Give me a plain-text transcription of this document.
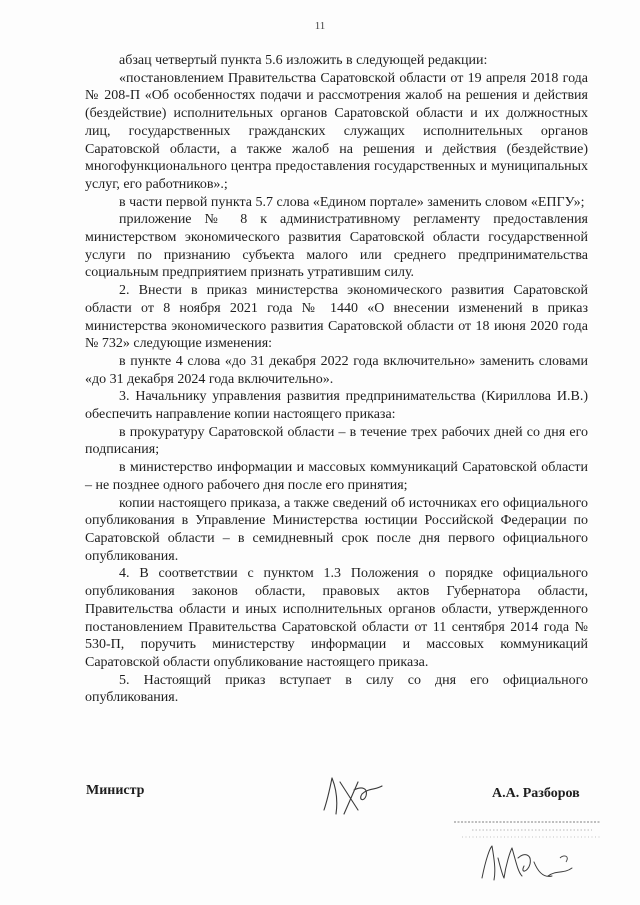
11

абзац четвертый пункта 5.6 изложить в следующей редакции:

«постановлением Правительства Саратовской области от 19 апреля 2018 года № 208-П «Об особенностях подачи и рассмотрения жалоб на решения и действия (бездействие) исполнительных органов Саратовской области и их должностных лиц, государственных гражданских служащих исполнительных органов Саратовской области, а также жалоб на решения и действия (бездействие) многофункционального центра предоставления государственных и муниципальных услуг, его работников».;

в части первой пункта 5.7 слова «Едином портале» заменить словом «ЕПГУ»;

приложение № 8 к административному регламенту предоставления министерством экономического развития Саратовской области государственной услуги по признанию субъекта малого или среднего предпринимательства социальным предприятием признать утратившим силу.

2. Внести в приказ министерства экономического развития Саратовской области от 8 ноября 2021 года № 1440 «О внесении изменений в приказ министерства экономического развития Саратовской области от 18 июня 2020 года № 732» следующие изменения:

в пункте 4 слова «до 31 декабря 2022 года включительно» заменить словами «до 31 декабря 2024 года включительно».

3. Начальнику управления развития предпринимательства (Кириллова И.В.) обеспечить направление копии настоящего приказа:

в прокуратуру Саратовской области – в течение трех рабочих дней со дня его подписания;

в министерство информации и массовых коммуникаций Саратовской области – не позднее одного рабочего дня после его принятия;

копии настоящего приказа, а также сведений об источниках его официального опубликования в Управление Министерства юстиции Российской Федерации по Саратовской области – в семидневный срок после дня первого официального опубликования.

4. В соответствии с пунктом 1.3 Положения о порядке официального опубликования законов области, правовых актов Губернатора области, Правительства области и иных исполнительных органов области, утвержденного постановлением Правительства Саратовской области от 11 сентября 2014 года № 530-П, поручить министерству информации и массовых коммуникаций Саратовской области опубликование настоящего приказа.

5. Настоящий приказ вступает в силу со дня его официального опубликования.

Министр	А.А. Разборов
